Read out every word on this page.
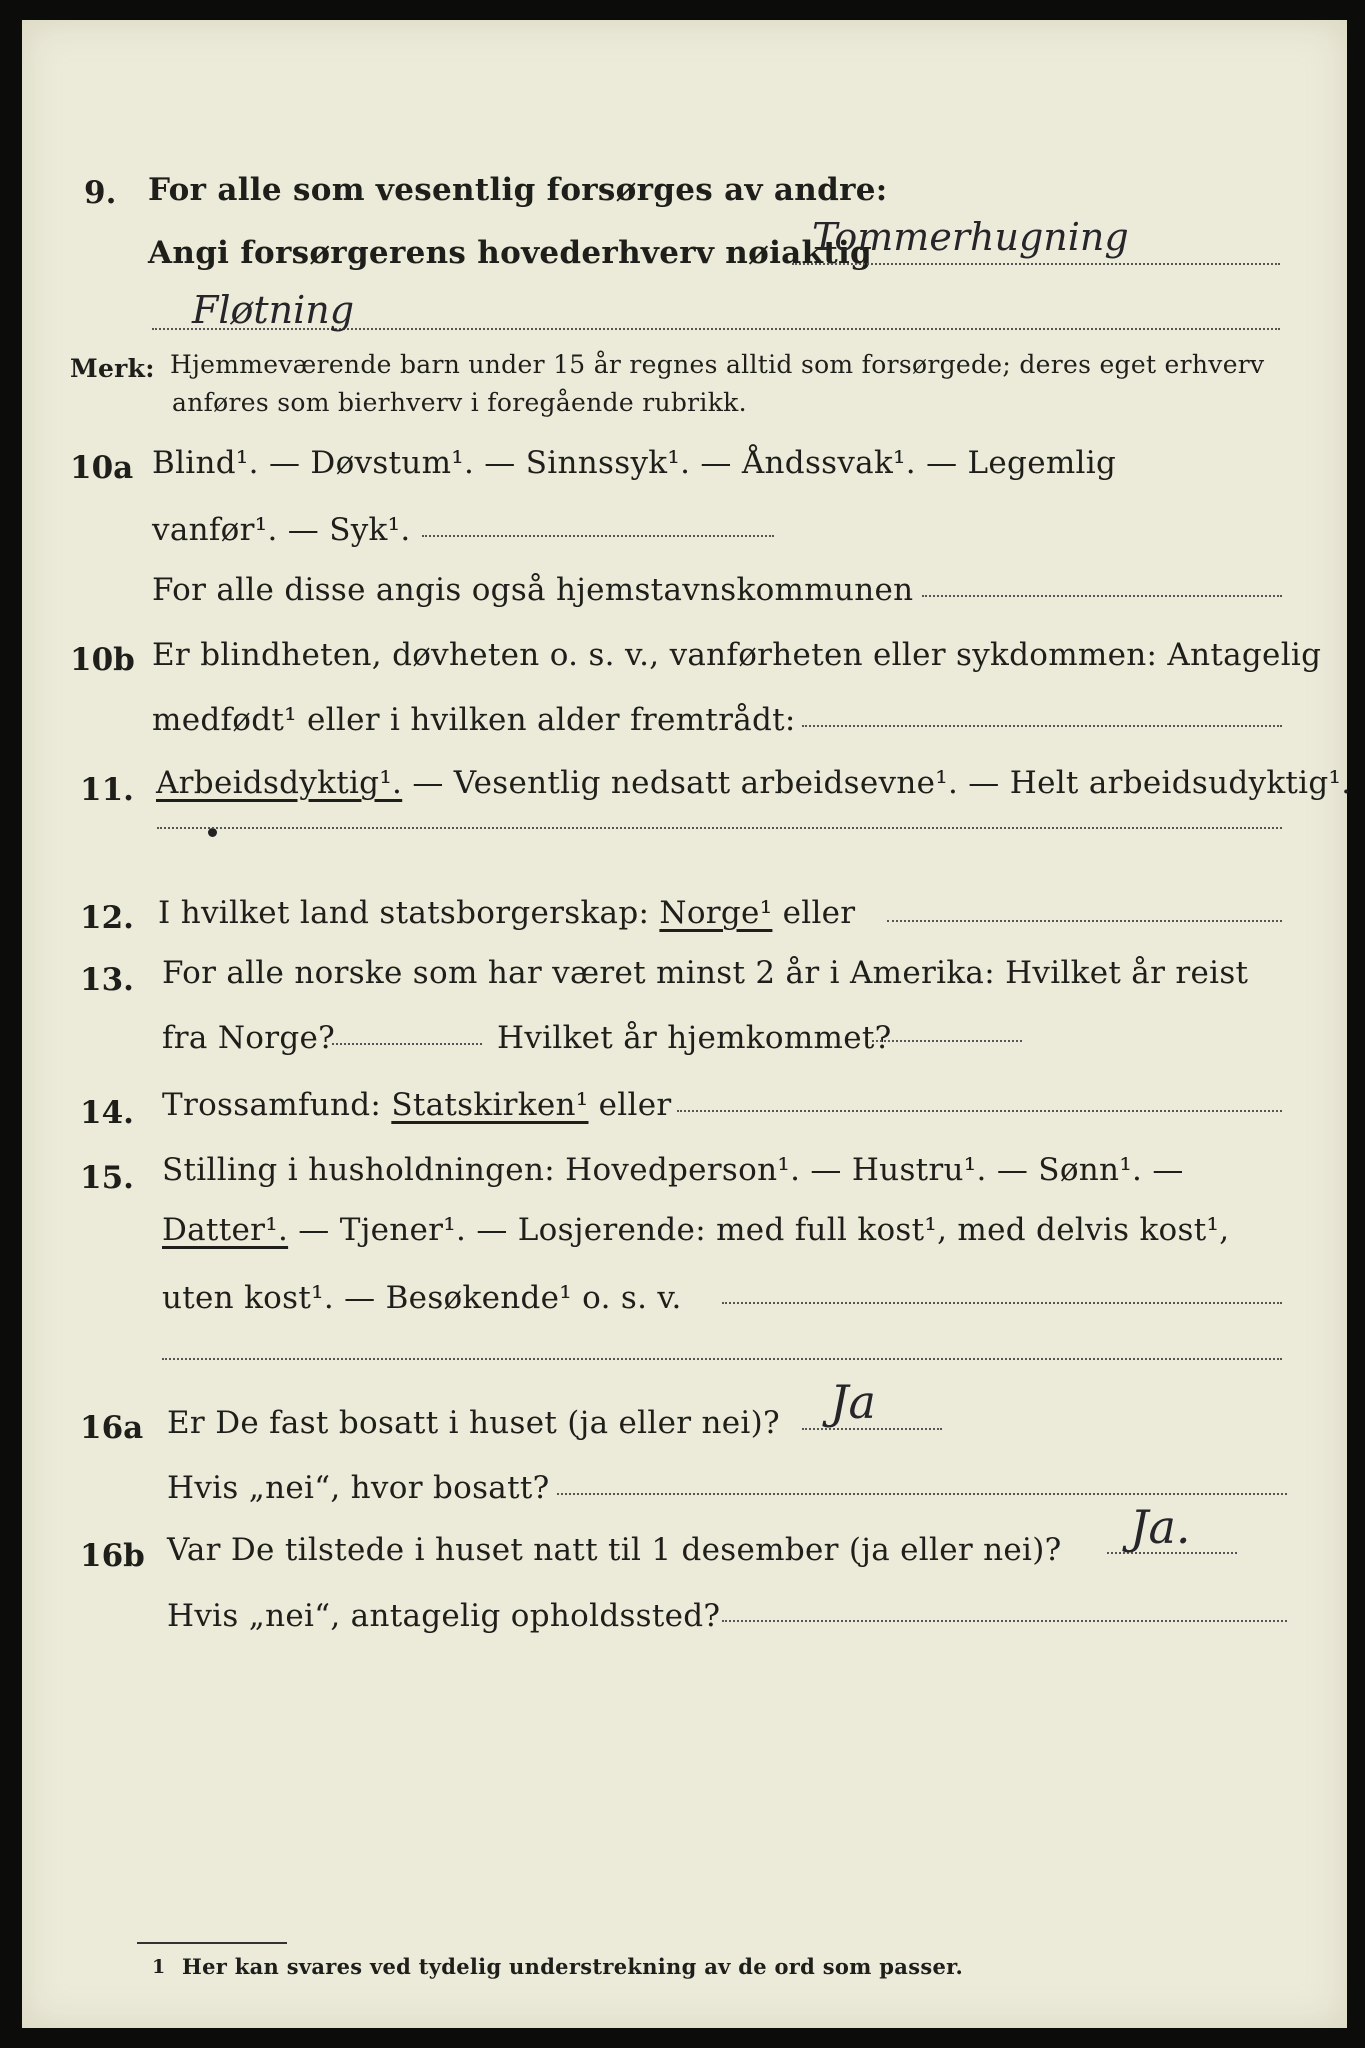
9. For alle som vesentlig forsørges av andre:
Angi forsørgerens hovederhverv nøiaktig
Tommerhugning
Fløtning
Merk: Hjemmeværende barn under 15 år regnes alltid som forsørgede; deres eget erhverv
anføres som bierhverv i foregående rubrikk.
10a Blind¹. — Døvstum¹. — Sinnssyk¹. — Åndssvak¹. — Legemlig
vanfør¹. — Syk¹.
For alle disse angis også hjemstavnskommunen
10b Er blindheten, døvheten o. s. v., vanførheten eller sykdommen: Antagelig
medfødt¹ eller i hvilken alder fremtrådt:
11. Arbeidsdyktig¹. — Vesentlig nedsatt arbeidsevne¹. — Helt arbeidsudyktig¹.
12. I hvilket land statsborgerskap: Norge¹ eller
13. For alle norske som har været minst 2 år i Amerika: Hvilket år reist
fra Norge?	Hvilket år hjemkommet?
14. Trossamfund: Statskirken¹ eller
15. Stilling i husholdningen: Hovedperson¹. — Hustru¹. — Sønn¹. —
Datter¹. — Tjener¹. — Losjerende: med full kost¹, med delvis kost¹,
uten kost¹. — Besøkende¹ o. s. v.
16a Er De fast bosatt i huset (ja eller nei)? Ja
Hvis „nei“, hvor bosatt?
16b Var De tilstede i huset natt til 1 desember (ja eller nei)? Ja.
Hvis „nei“, antagelig opholdssted?
1 Her kan svares ved tydelig understrekning av de ord som passer.
